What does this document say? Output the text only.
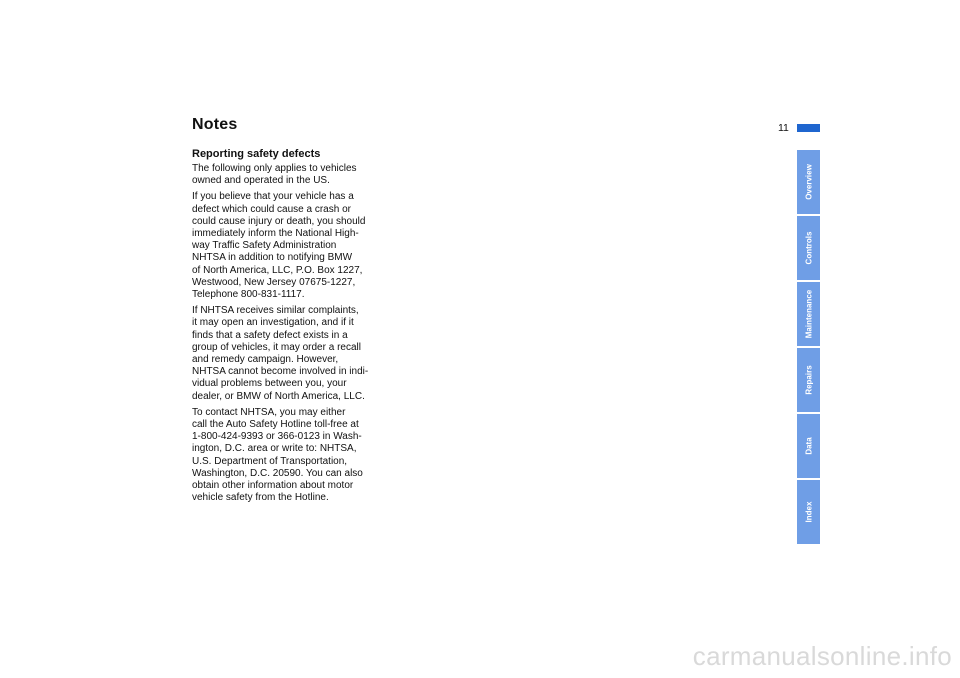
Notes	11
Reporting safety defects

The following only applies to vehicles
owned and operated in the US.

If you believe that your vehicle has a
defect which could cause a crash or
could cause injury or death, you should
immediately inform the National High-
way Traffic Safety Administration
NHTSA in addition to notifying BMW
of North America, LLC, P.O. Box 1227,
Westwood, New Jersey 07675-1227,
Telephone 800-831-1117.

If NHTSA receives similar complaints,
it may open an investigation, and if it
finds that a safety defect exists in a
group of vehicles, it may order a recall
and remedy campaign. However,
NHTSA cannot become involved in indi-
vidual problems between you, your
dealer, or BMW of North America, LLC.

To contact NHTSA, you may either
call the Auto Safety Hotline toll-free at
1-800-424-9393 or 366-0123 in Wash-
ington, D.C. area or write to: NHTSA,
U.S. Department of Transportation,
Washington, D.C. 20590. You can also
obtain other information about motor
vehicle safety from the Hotline.

Overview
Controls
Maintenance
Repairs
Data
Index
carmanualsonline.info
